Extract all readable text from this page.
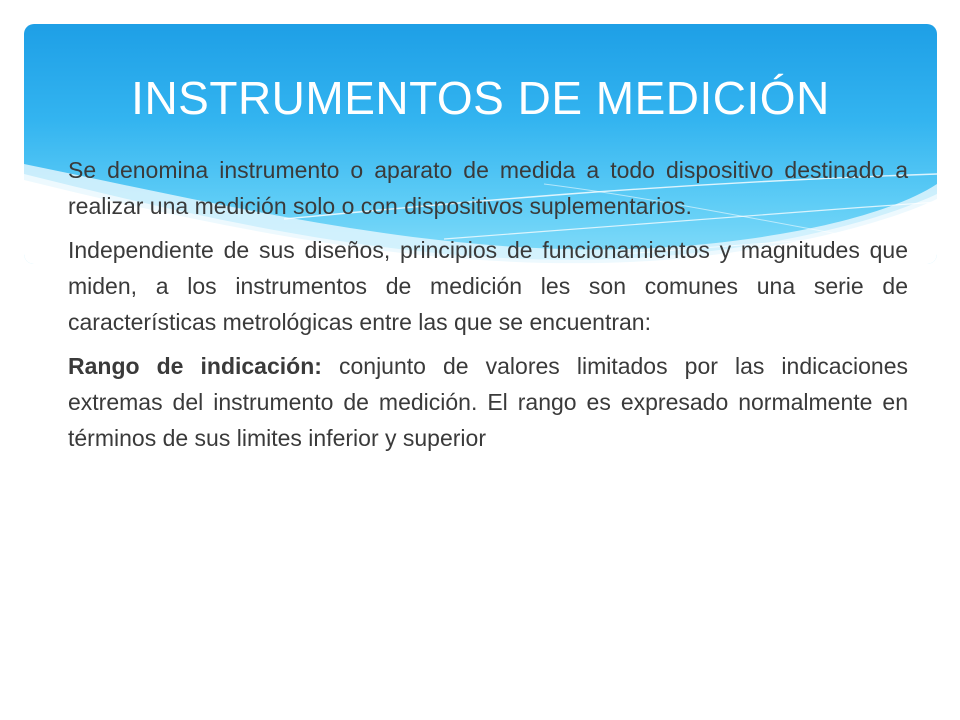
INSTRUMENTOS DE MEDICIÓN

Se denomina instrumento o aparato de medida a todo dispositivo destinado a realizar una medición solo o con dispositivos suplementarios.

Independiente de sus diseños, principios de funcionamientos y magnitudes que miden, a los instrumentos de medición les son comunes una serie de características metrológicas entre las que se encuentran:

Rango de indicación: conjunto de valores limitados por las indicaciones extremas del instrumento de medición. El rango es expresado normalmente en términos de sus limites inferior y superior
